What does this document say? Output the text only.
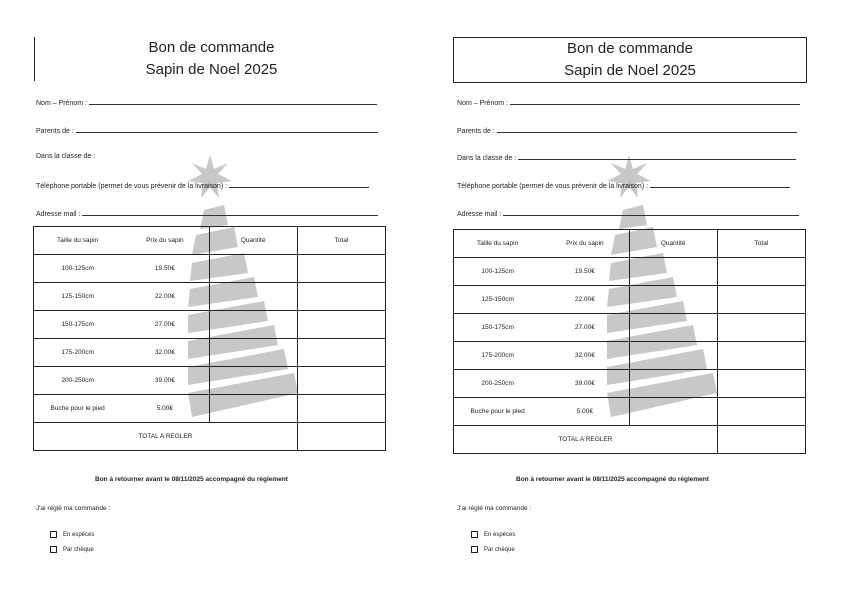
Bon de commande
Sapin de Noel 2025
Nom – Prénom :
Parents de :
Dans la classe de :
Téléphone portable (permet de vous prévenir de la livraison) :
Adresse mail :
Taille du sapin	Prix du sapin	Quantité	Total
100-125cm	19.50€		
125-150cm	22.00€		
150-175cm	27.00€		
175-200cm	32.00€		
200-250cm	39.00€		
Buche pour le pied	5.00€		
TOTAL A REGLER			
Bon à retourner avant le 08/11/2025 accompagné du règlement
J'ai réglé ma commande :
En espèces
Par chèque
Bon de commande
Sapin de Noel 2025
Nom – Prénom :
Parents de :
Dans la classe de :
Téléphone portable (permet de vous prévenir de la livraison) :
Adresse mail :
Taille du sapin	Prix du sapin	Quantité	Total
100-125cm	19.50€		
125-150cm	22.00€		
150-175cm	27.00€		
175-200cm	32.00€		
200-250cm	39.00€		
Buche pour le pied	5.00€		
TOTAL A REGLER			
Bon à retourner avant le 08/11/2025 accompagné du règlement
J'ai réglé ma commande :
En espèces
Par chèque
